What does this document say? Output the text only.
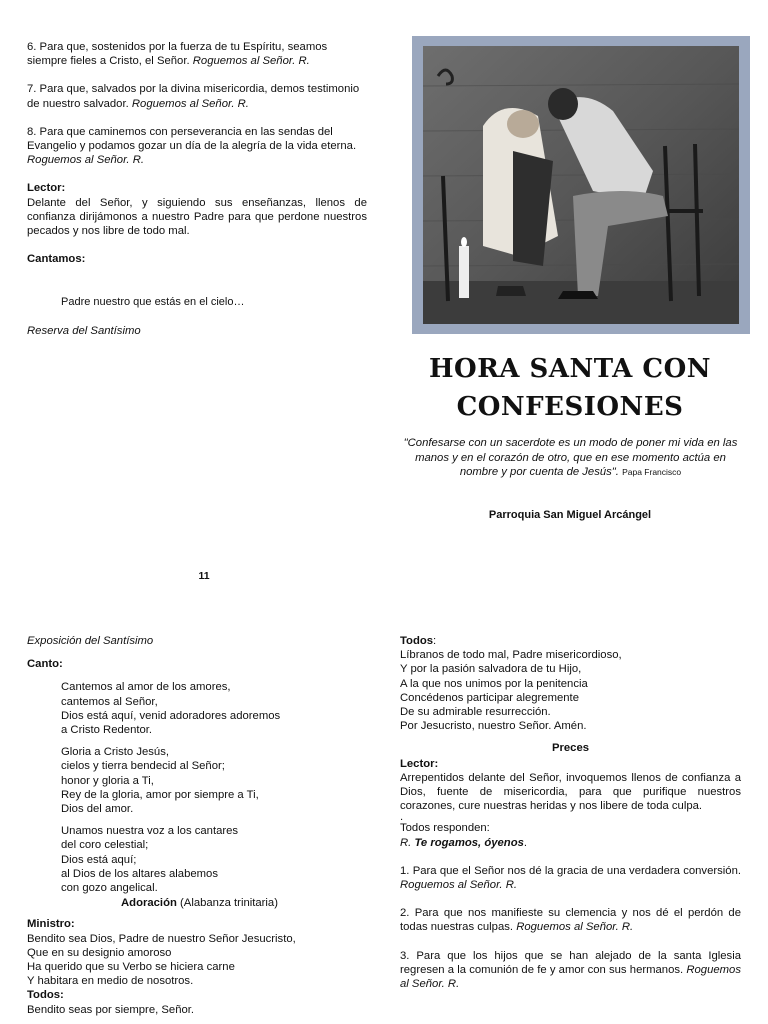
6. Para que, sostenidos por la fuerza de tu Espíritu, seamos siempre fieles a Cristo, el Señor. Roguemos al Señor. R.

7. Para que, salvados por la divina misericordia, demos testimonio de nuestro salvador. Roguemos al Señor. R.

8. Para que caminemos con perseverancia en las sendas del Evangelio y podamos gozar un día de la alegría de la vida eterna. Roguemos al Señor. R.

Lector:

Delante del Señor, y siguiendo sus enseñanzas, llenos de confianza dirijámonos a nuestro Padre para que perdone nuestros pecados y nos libre de todo mal.

Cantamos:

Padre nuestro que estás en el cielo…

Reserva del Santísimo

HORA SANTA CON
CONFESIONES

"Confesarse con un sacerdote es un modo de poner mi vida en las manos y en el corazón de otro, que en ese momento actúa en nombre y por cuenta de Jesús". Papa Francisco

Parroquia San Miguel Arcángel

11

Exposición del Santísimo

Canto:

Cantemos al amor de los amores,
cantemos al Señor,
Dios está aquí, venid adoradores adoremos
a Cristo Redentor.
Gloria a Cristo Jesús,
cielos y tierra bendecid al Señor;
honor y gloria a Ti,
Rey de la gloria, amor por siempre a Ti,
Dios del amor.
Unamos nuestra voz a los cantares
del coro celestial;
Dios está aquí;
al Dios de los altares alabemos
con gozo angelical.

Adoración (Alabanza trinitaria)

Ministro:

Bendito sea Dios, Padre de nuestro Señor Jesucristo,
Que en su designio amoroso
Ha querido que su Verbo se hiciera carne
Y habitara en medio de nosotros.

Todos:

Bendito seas por siempre, Señor.

Todos:

Líbranos de todo mal, Padre misericordioso,
Y por la pasión salvadora de tu Hijo,
A la que nos unimos por la penitencia
Concédenos participar alegremente
De su admirable resurrección.
Por Jesucristo, nuestro Señor. Amén.

Preces

Lector:

Arrepentidos delante del Señor, invoquemos llenos de confianza a Dios, fuente de misericordia, para que purifique nuestros corazones, cure nuestras heridas y nos libere de toda culpa.

.

Todos responden:

R. Te rogamos, óyenos.

1. Para que el Señor nos dé la gracia de una verdadera conversión. Roguemos al Señor. R.

2. Para que nos manifieste su clemencia y nos dé el perdón de todas nuestras culpas. Roguemos al Señor. R.

3. Para que los hijos que se han alejado de la santa Iglesia regresen a la comunión de fe y amor con sus hermanos. Roguemos al Señor. R.
